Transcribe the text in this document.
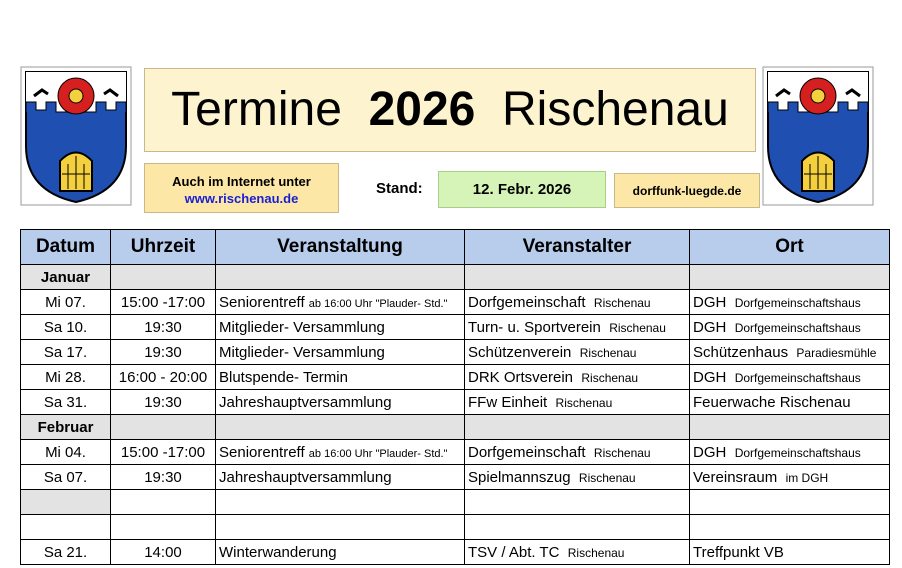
Termine 2026 Rischenau
Auch im Internet unter
www.rischenau.de
Stand:	12. Febr. 2026	dorffunk-luegde.de
Datum	Uhrzeit	Veranstaltung	Veranstalter	Ort
Januar				
Mi 07.	15:00 -17:00	Seniorentreff ab 16:00 Uhr "Plauder- Std."	Dorfgemeinschaft Rischenau	DGH Dorfgemeinschaftshaus
Sa 10.	19:30	Mitglieder- Versammlung	Turn- u. Sportverein Rischenau	DGH Dorfgemeinschaftshaus
Sa 17.	19:30	Mitglieder- Versammlung	Schützenverein Rischenau	Schützenhaus Paradiesmühle
Mi 28.	16:00 - 20:00	Blutspende- Termin	DRK Ortsverein Rischenau	DGH Dorfgemeinschaftshaus
Sa 31.	19:30	Jahreshauptversammlung	FFw Einheit Rischenau	Feuerwache Rischenau
Februar				
Mi 04.	15:00 -17:00	Seniorentreff ab 16:00 Uhr "Plauder- Std."	Dorfgemeinschaft Rischenau	DGH Dorfgemeinschaftshaus
Sa 07.	19:30	Jahreshauptversammlung	Spielmannszug Rischenau	Vereinsraum im DGH

Sa 21.	14:00	Winterwanderung	TSV / Abt. TC Rischenau	Treffpunkt VB
